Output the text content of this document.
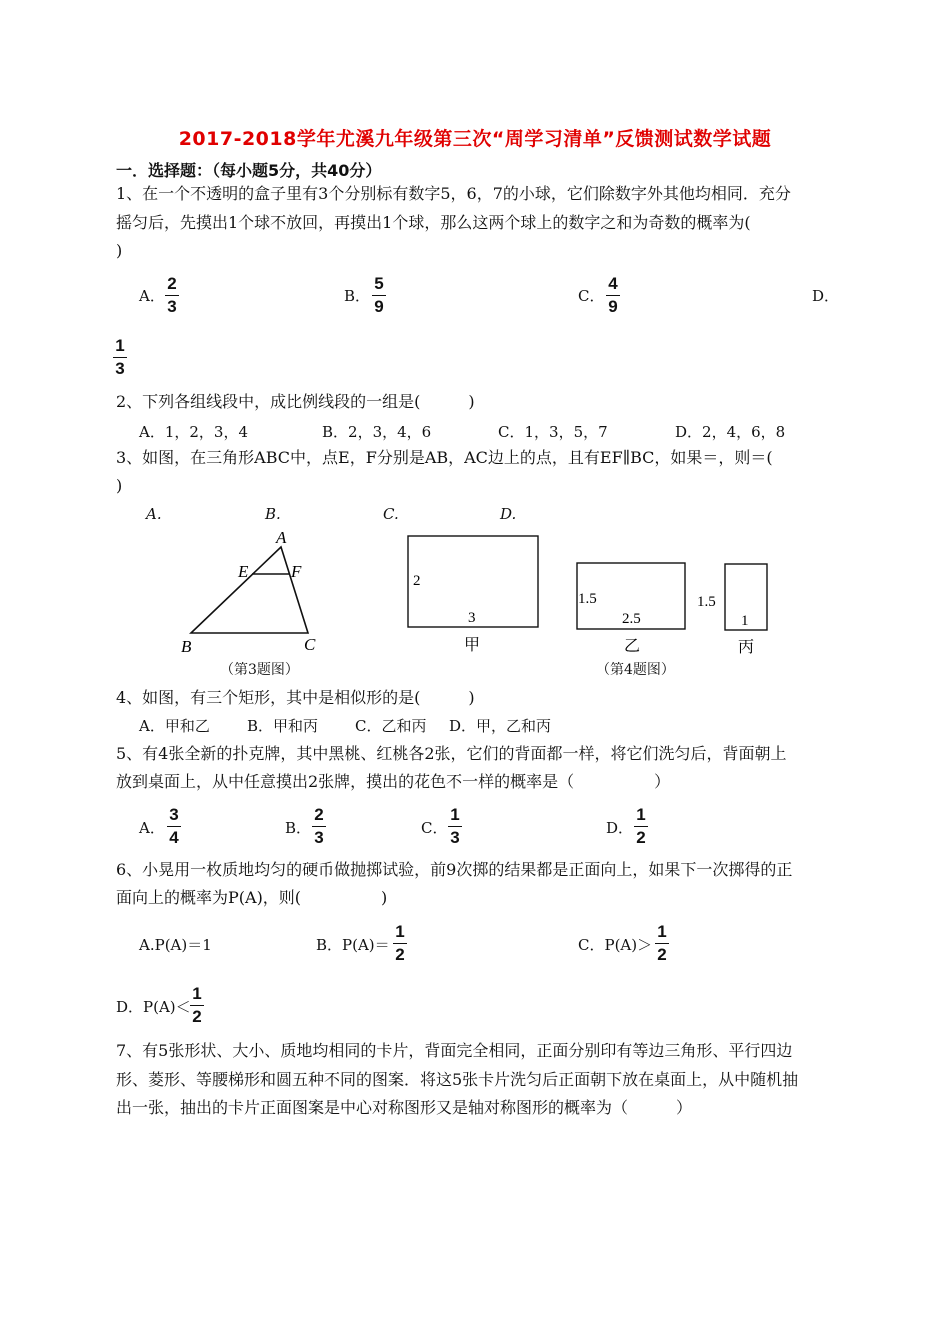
2017-2018学年尤溪九年级第三次“周学习清单”反馈测试数学试题
一．选择题：（每小题5分，共40分）
1、在一个不透明的盒子里有3个分别标有数字5，6，7的小球，它们除数字外其他均相同．充分
摇匀后，先摸出1个球不放回，再摸出1个球，那么这两个球上的数字之和为奇数的概率为(
)
A．
2
3
B．
5
9
C．
4
9
D．
1
3
2、下列各组线段中，成比例线段的一组是(　　　)
A．1，2，3，4	B．2，3，4，6	C．1，3，5，7	D．2，4，6，8
3、如图，在三角形ABC中，点E，F分别是AB，AC边上的点，且有EF∥BC，如果＝，则＝(
)
A.	B.	C.	D.
A
E	F
B	C
（第3题图）
2
3
甲
1.5
2.5
乙
1.5
1
丙
（第4题图）
4、如图，有三个矩形，其中是相似形的是(　　　)
A．甲和乙 B．甲和丙 C．乙和丙 D．甲，乙和丙
5、有4张全新的扑克牌，其中黑桃、红桃各2张，它们的背面都一样，将它们洗匀后，背面朝上
放到桌面上，从中任意摸出2张牌，摸出的花色不一样的概率是（　　　　　）
A．
3
4	B．
2
3	C．
1
3	D．
1
2
6、小晃用一枚质地均匀的硬币做抛掷试验，前9次掷的结果都是正面向上，如果下一次掷得的正
面向上的概率为P(A)，则(　　　　　)
A.P(A)＝1	B．P(A)＝
1
2	C．P(A)＞
1
2
D．P(A)＜
1
2
7、有5张形状、大小、质地均相同的卡片，背面完全相同，正面分别印有等边三角形、平行四边
形、菱形、等腰梯形和圆五种不同的图案．将这5张卡片洗匀后正面朝下放在桌面上，从中随机抽
出一张，抽出的卡片正面图案是中心对称图形又是轴对称图形的概率为（　　　）
